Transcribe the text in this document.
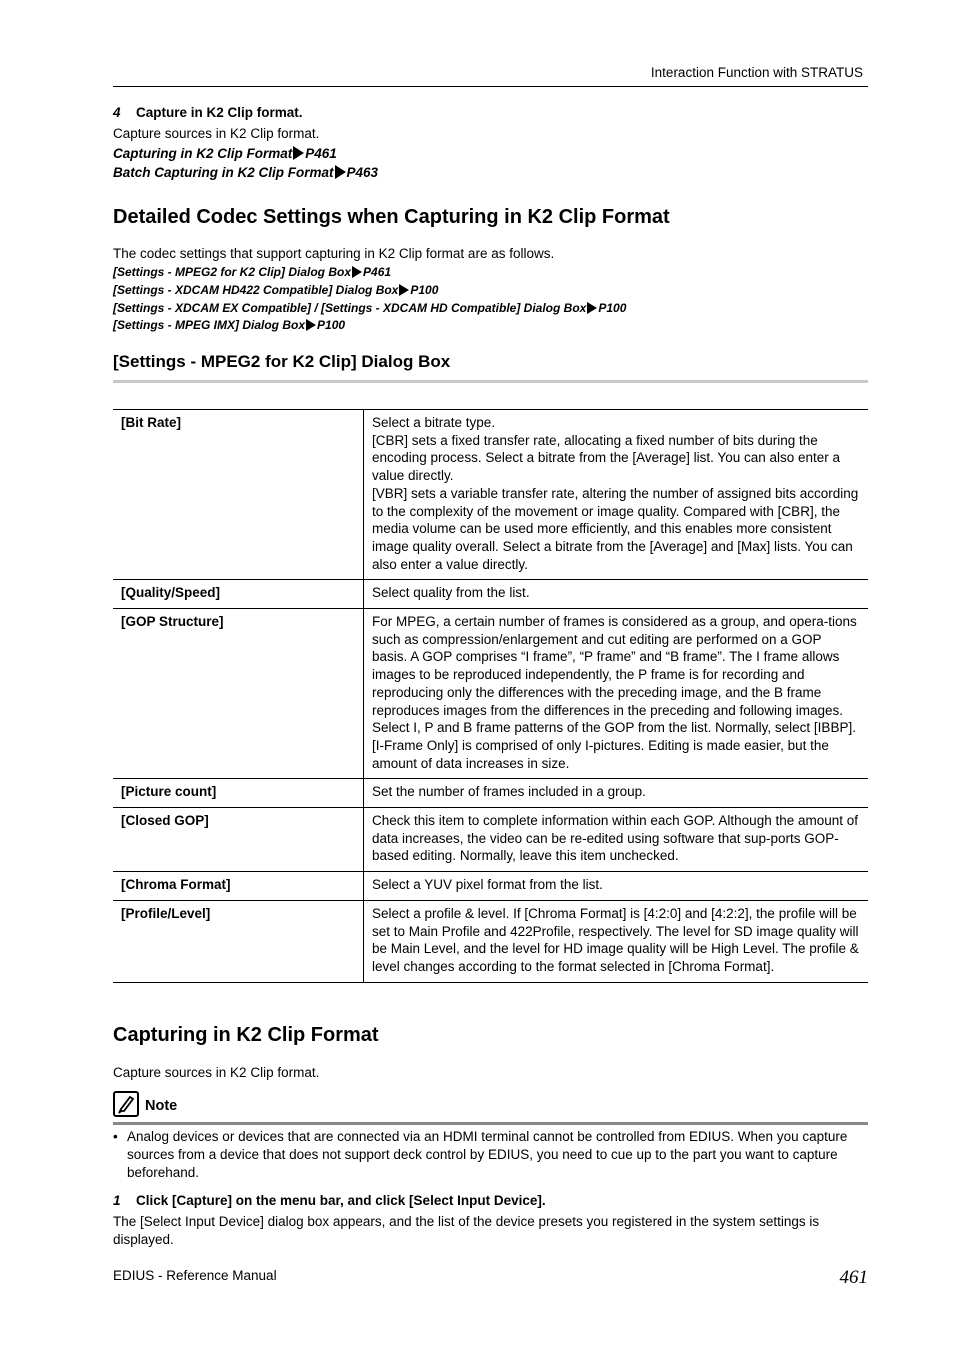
Interaction Function with STRATUS
4 Capture in K2 Clip format.
Capture sources in K2 Clip format.
Capturing in K2 Clip Format P461
Batch Capturing in K2 Clip Format P463
Detailed Codec Settings when Capturing in K2 Clip Format
The codec settings that support capturing in K2 Clip format are as follows.
[Settings - MPEG2 for K2 Clip] Dialog Box P461
[Settings - XDCAM HD422 Compatible] Dialog Box P100
[Settings - XDCAM EX Compatible] / [Settings - XDCAM HD Compatible] Dialog Box P100
[Settings - MPEG IMX] Dialog Box P100
[Settings - MPEG2 for K2 Clip] Dialog Box
[Bit Rate]	Select a bitrate type.
[CBR] sets a fixed transfer rate, allocating a fixed number of bits during the encoding process. Select a bitrate from the [Average] list. You can also enter a value directly.
[VBR] sets a variable transfer rate, altering the number of assigned bits according to the complexity of the movement or image quality. Compared with [CBR], the media volume can be used more efficiently, and this enables more consistent image quality overall. Select a bitrate from the [Average] and [Max] lists. You can also enter a value directly.
[Quality/Speed]	Select quality from the list.
[GOP Structure]	For MPEG, a certain number of frames is considered as a group, and opera-tions such as compression/enlargement and cut editing are performed on a GOP basis. A GOP comprises “I frame”, “P frame” and “B frame”. The I frame allows images to be reproduced independently, the P frame is for recording and reproducing only the differences with the preceding image, and the B frame reproduces images from the differences in the preceding and following images. Select I, P and B frame patterns of the GOP from the list. Normally, select [IBBP].
[I-Frame Only] is comprised of only I-pictures. Editing is made easier, but the amount of data increases in size.
[Picture count]	Set the number of frames included in a group.
[Closed GOP]	Check this item to complete information within each GOP. Although the amount of data increases, the video can be re-edited using software that sup-ports GOP-based editing. Normally, leave this item unchecked.
[Chroma Format]	Select a YUV pixel format from the list.
[Profile/Level]	Select a profile & level. If [Chroma Format] is [4:2:0] and [4:2:2], the profile will be set to Main Profile and 422Profile, respectively. The level for SD image quality will be Main Level, and the level for HD image quality will be High Level. The profile & level changes according to the format selected in [Chroma Format].
Capturing in K2 Clip Format
Capture sources in K2 Clip format.
Note
• Analog devices or devices that are connected via an HDMI terminal cannot be controlled from EDIUS. When you capture sources from a device that does not support deck control by EDIUS, you need to cue up to the part you want to capture beforehand.
1 Click [Capture] on the menu bar, and click [Select Input Device].
The [Select Input Device] dialog box appears, and the list of the device presets you registered in the system settings is displayed.
EDIUS - Reference Manual	461
